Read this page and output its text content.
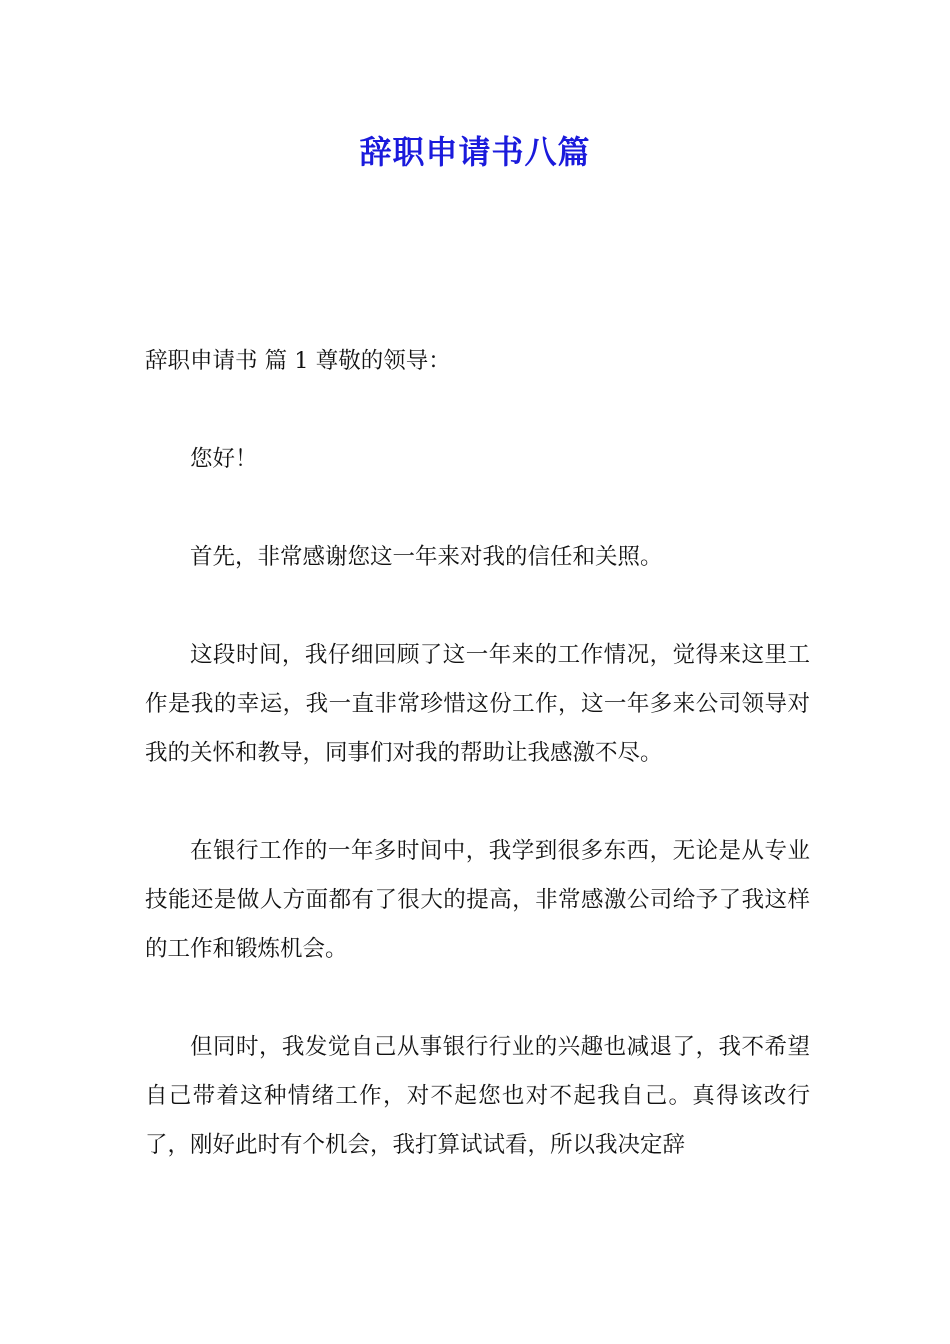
辞职申请书八篇

辞职申请书 篇 1 尊敬的领导：

您好！

首先，非常感谢您这一年来对我的信任和关照。

这段时间，我仔细回顾了这一年来的工作情况，觉得来这里工作是我的幸运，我一直非常珍惜这份工作，这一年多来公司领导对我的关怀和教导，同事们对我的帮助让我感激不尽。

在银行工作的一年多时间中，我学到很多东西，无论是从专业技能还是做人方面都有了很大的提高，非常感激公司给予了我这样的工作和锻炼机会。

但同时，我发觉自己从事银行行业的兴趣也减退了，我不希望自己带着这种情绪工作，对不起您也对不起我自己。真得该改行了，刚好此时有个机会，我打算试试看，所以我决定辞
